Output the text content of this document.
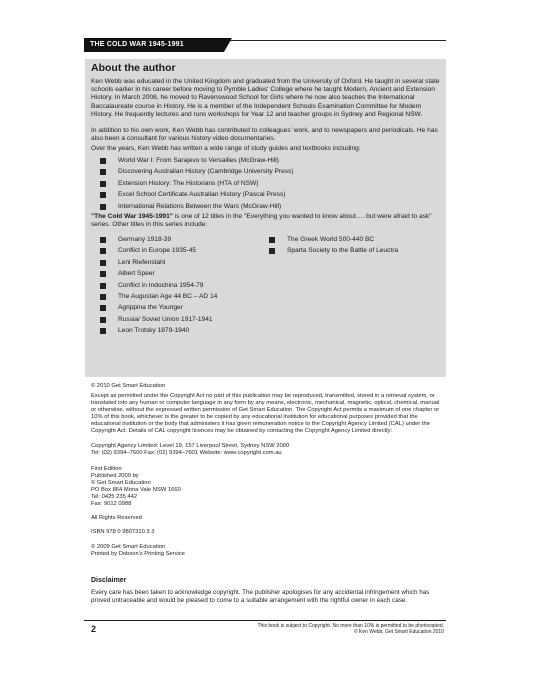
THE COLD WAR 1945-1991
About the author

Ken Webb was educated in the United Kingdom and graduated from the University of Oxford. He taught in several state schools earlier in his career before moving to Pymble Ladies' College where he taught Modern, Ancient and Extension History. In March 2008, he moved to Ravenswood School for Girls where he now also teaches the International Baccalaureate course in History. He is a member of the Independent Schools Examination Committee for Modern History. He frequently lectures and runs workshops for Year 12 and teacher groups in Sydney and Regional NSW.

In addition to his own work, Ken Webb has contributed to colleagues' work, and to newspapers and periodicals. He has also been a consultant for various history video documentaries.

Over the years, Ken Webb has written a wide range of study guides and textbooks including:

World War I: From Sarajevo to Versailles (McGraw-Hill)
Discovering Australian History (Cambridge University Press)
Extension History: The Historians (HTA of NSW)
Excel School Certificate Australian History (Pascal Press)
International Relations Between the Wars (McGraw-Hill)

"The Cold War 1945-1991" is one of 12 titles in the "Everything you wanted to know about…. but were afraid to ask" series. Other titles in this series include:

Germany 1918-39
Conflict in Europe 1935-45
Leni Riefenstahl
Albert Speer
Conflict in Indochina 1954-79
The Augustan Age 44 BC – AD 14
Agrippina the Younger
Russia/ Soviet Union 1917-1941
Leon Trotsky 1879-1940
The Greek World 500-440 BC
Sparta Society to the Battle of Leuctra

© 2010 Get Smart Education

Except as permitted under the Copyright Act no part of this publication may be reproduced, transmitted, stored in a retrieval system, or translated into any human or computer language in any form by any means, electronic, mechanical, magnetic, optical, chemical, manual or otherwise, without the expressed written permission of Get Smart Education. The Copyright Act permits a maximum of one chapter or 10% of this book, whichever is the greater to be copied by any educational institution for educational purposes provided that the educational institution or the body that administers it has given remuneration notice to the Copyright Agency Limited (CAL) under the Copyright Act. Details of CAL copyright licences may be obtained by contacting the Copyright Agency Limited directly:

Copyright Agency Limited: Level 19, 157 Liverpool Street, Sydney NSW 2000

Tel: (02) 9394–7600 Fax: (02) 9394–7601 Website: www.copyright.com.au

First Edition

Published 2009 by

© Get Smart Education

PO Box 864 Mona Vale NSW 1660

Tel: 0425 235 442

Fax: 9012 0988

All Rights Reserved

ISBN 978 0 9807310 3 3

© 2009 Get Smart Education

Printed by Dobson's Printing Service

Disclaimer

Every care has been taken to acknowledge copyright. The publisher apologises for any accidental infringement which has proved untraceable and would be pleased to come to a suitable arrangement with the rightful owner in each case.

2	This book is subject to Copyright. No more than 10% is permitted to be photocopied.
© Ken Webb, Get Smart Education 2010
